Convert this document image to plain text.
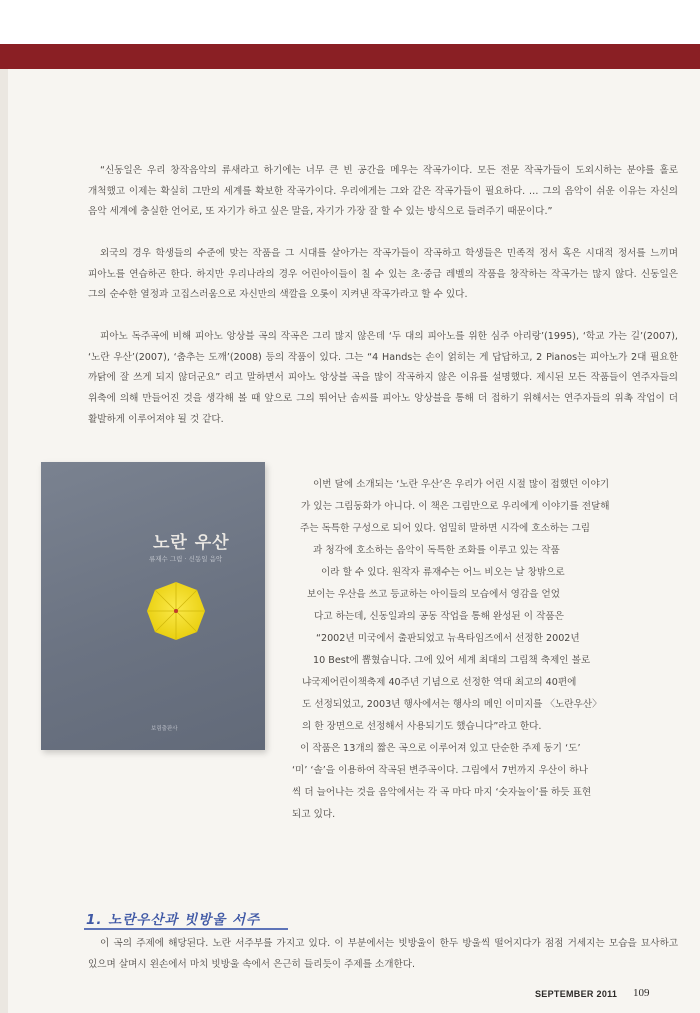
“신동일은 우리 창작음악의 류새라고 하기에는 너무 큰 빈 공간을 메우는 작곡가이다. 모든 전문 작곡가들이 도외시하는 분야를 홀로 개척했고 이제는 확실히 그만의 세계를 확보한 작곡가이다. 우리에게는 그와 같은 작곡가들이 필요하다. … 그의 음악이 쉬운 이유는 자신의 음악 세계에 충실한 언어로, 또 자기가 하고 싶은 말을, 자기가 가장 잘 할 수 있는 방식으로 들려주기 때문이다.”

외국의 경우 학생들의 수준에 맞는 작품을 그 시대를 살아가는 작곡가들이 작곡하고 학생들은 민족적 정서 혹은 시대적 정서를 느끼며 피아노를 연습하곤 한다. 하지만 우리나라의 경우 어린아이들이 칠 수 있는 초·중급 레벨의 작품을 창작하는 작곡가는 많지 않다. 신동일은 그의 순수한 열정과 고집스러움으로 자신만의 색깔을 오롯이 지켜낸 작곡가라고 할 수 있다.

피아노 독주곡에 비해 피아노 앙상블 곡의 작곡은 그리 많지 않은데 ‘두 대의 피아노를 위한 심주 아리랑’(1995), ‘학교 가는 길’(2007), ‘노란 우산’(2007), ‘춤추는 도깨’(2008) 등의 작품이 있다. 그는 “4 Hands는 손이 얽히는 게 답답하고, 2 Pianos는 피아노가 2대 필요한 까닭에 잘 쓰게 되지 않더군요” 리고 말하면서 피아노 앙상블 곡을 많이 작곡하지 않은 이유를 설명했다. 제시된 모든 작품들이 연주자들의 위축에 의해 만들어진 것을 생각해 볼 때 앞으로 그의 뛰어난 솜씨를 피아노 앙상블을 통해 더 접하기 위해서는 연주자들의 위촉 작업이 더 활발하게 이루어져야 될 것 같다.

노란 우산
류재수 그림 · 신동일 음악
보림출판사

이번 달에 소개되는 ‘노란 우산’은 우리가 어린 시절 많이 접했던 이야기

가 있는 그림동화가 아니다. 이 책은 그림만으로 우리에게 이야기를 전달해

주는 독특한 구성으로 되어 있다. 엄밀히 말하면 시각에 호소하는 그림

과 청각에 호소하는 음악이 독특한 조화를 이루고 있는 작품

이라 할 수 있다. 원작자 류재수는 어느 비오는 날 창밖으로

보이는 우산을 쓰고 등교하는 아이들의 모습에서 영감을 얻었

다고 하는데, 신동일과의 공동 작업을 통해 완성된 이 작품은

“2002년 미국에서 출판되었고 뉴욕타임즈에서 선정한 2002년

10 Best에 뽑혔습니다. 그에 있어 세계 최대의 그림책 축제인 볼로

냐국제어린이책축제 40주년 기념으로 선정한 역대 최고의 40편에

도 선정되었고, 2003년 행사에서는 행사의 메인 이미지를 〈노란우산〉

의 한 장면으로 선정해서 사용되기도 했습니다”라고 한다.

이 작품은 13개의 짧은 곡으로 이루어져 있고 단순한 주제 동기 ‘도’

‘미’ ‘솔’을 이용하여 작곡된 변주곡이다. 그림에서 7번까지 우산이 하나

씩 더 늘어나는 것을 음악에서는 각 곡 마다 마지 ‘숫자놀이’를 하듯 표현

되고 있다.

1. 노란우산과 빗방울 서주

이 곡의 주제에 해당된다. 노란 서주부를 가지고 있다. 이 부분에서는 빗방울이 한두 방울씩 떨어지다가 점점 거세지는 모습을 묘사하고 있으며 살며시 왼손에서 마치 빗방울 속에서 은근히 들리듯이 주제를 소개한다.

SEPTEMBER 2011 109
